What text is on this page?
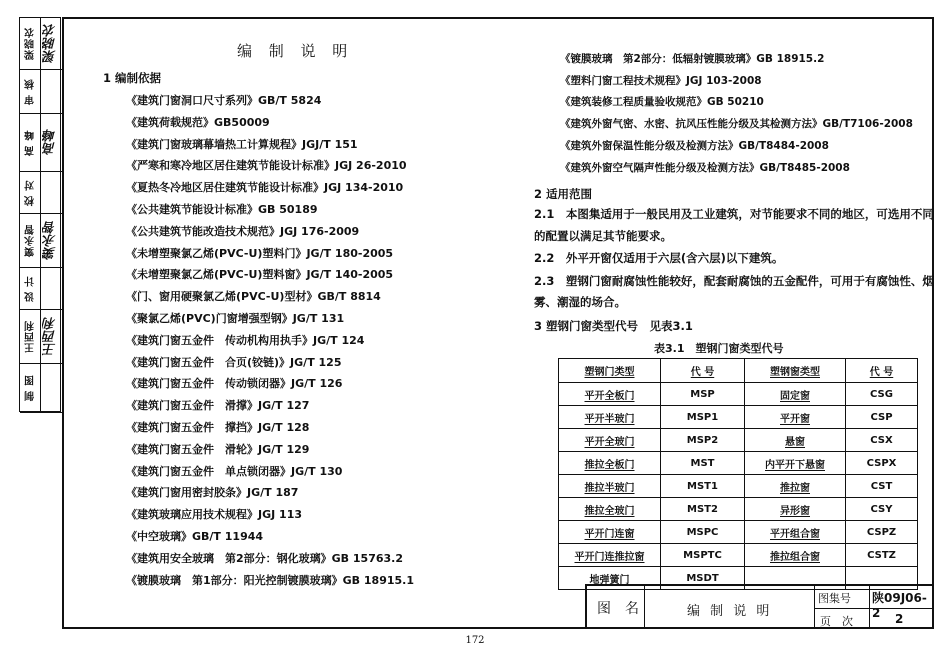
梁晓农 梁晓农
审 核
高 峰 高峰
校 对
窦永智 窦永智
设 计
王西利 王西利
制 图
编 制 说 明
1 编制依据
《建筑门窗洞口尺寸系列》GB/T 5824
《建筑荷载规范》GB50009
《建筑门窗玻璃幕墙热工计算规程》JGJ/T 151
《严寒和寒冷地区居住建筑节能设计标准》JGJ 26-2010
《夏热冬冷地区居住建筑节能设计标准》JGJ 134-2010
《公共建筑节能设计标准》GB 50189
《公共建筑节能改造技术规范》JGJ 176-2009
《未增塑聚氯乙烯(PVC-U)塑料门》JG/T 180-2005
《未增塑聚氯乙烯(PVC-U)塑料窗》JG/T 140-2005
《门、窗用硬聚氯乙烯(PVC-U)型材》GB/T 8814
《聚氯乙烯(PVC)门窗增强型钢》JG/T 131
《建筑门窗五金件　传动机构用执手》JG/T 124
《建筑门窗五金件　合页(铰链)》JG/T 125
《建筑门窗五金件　传动锁闭器》JG/T 126
《建筑门窗五金件　滑撑》JG/T 127
《建筑门窗五金件　撑挡》JG/T 128
《建筑门窗五金件　滑轮》JG/T 129
《建筑门窗五金件　单点锁闭器》JG/T 130
《建筑门窗用密封胶条》JG/T 187
《建筑玻璃应用技术规程》JGJ 113
《中空玻璃》GB/T 11944
《建筑用安全玻璃　第2部分：钢化玻璃》GB 15763.2
《镀膜玻璃　第1部分：阳光控制镀膜玻璃》GB 18915.1
《镀膜玻璃　第2部分：低辐射镀膜玻璃》GB 18915.2
《塑料门窗工程技术规程》JGJ 103-2008
《建筑装修工程质量验收规范》GB 50210
《建筑外窗气密、水密、抗风压性能分级及其检测方法》GB/T7106-2008
《建筑外窗保温性能分级及检测方法》GB/T8484-2008
《建筑外窗空气隔声性能分级及检测方法》GB/T8485-2008
2 适用范围
2.1　本图集适用于一般民用及工业建筑，对节能要求不同的地区，可选用不同
的配置以满足其节能要求。
2.2　外平开窗仅适用于六层(含六层)以下建筑。
2.3　塑钢门窗耐腐蚀性能较好，配套耐腐蚀的五金配件，可用于有腐蚀性、烟
雾、潮湿的场合。
3 塑钢门窗类型代号　见表3.1
表3.1　塑钢门窗类型代号
塑钢门类型	代 号	塑钢窗类型	代 号
平开全板门	MSP	固定窗	CSG
平开半玻门	MSP1	平开窗	CSP
平开全玻门	MSP2	悬窗	CSX
推拉全板门	MST	内平开下悬窗	CSPX
推拉半玻门	MST1	推拉窗	CST
推拉全玻门	MST2	异形窗	CSY
平开门连窗	MSPC	平开组合窗	CSPZ
平开门连推拉窗	MSPTC	推拉组合窗	CSTZ
地弹簧门	MSDT		
图　名	编 制 说 明
图集号 陕09J06-2
页　次	2
172
